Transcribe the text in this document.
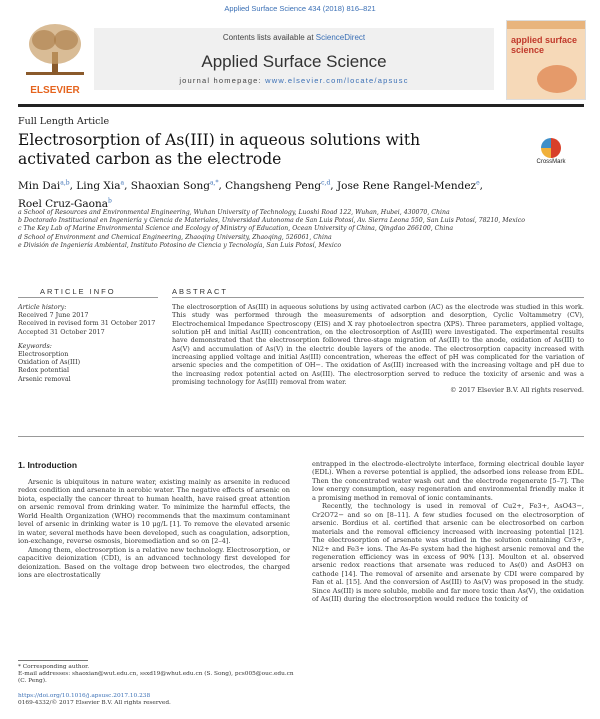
Applied Surface Science 434 (2018) 816–821
ELSEVIER
Contents lists available at ScienceDirect
Applied Surface Science
journal homepage: www.elsevier.com/locate/apsusc
applied surface science
Full Length Article
Electrosorption of As(III) in aqueous solutions with activated carbon as the electrode	CrossMark
Min Dai$^{a,b}$, Ling Xia$^a$, Shaoxian Song$^{a,*}$, Changsheng Peng$^{c,d}$, Jose Rene Rangel-Mendez$^e$,
Roel Cruz-Gaona$^b$
a School of Resources and Environmental Engineering, Wuhan University of Technology, Luoshi Road 122, Wuhan, Hubei, 430070, China
b Doctorado Institucional en Ingeniería y Ciencia de Materiales, Universidad Autonoma de San Luis Potosí, Av. Sierra Leona 550, San Luis Potosí, 78210, Mexico
c The Key Lab of Marine Environmental Science and Ecology of Ministry of Education, Ocean University of China, Qingdao 266100, China
d School of Environment and Chemical Engineering, Zhaoqing University, Zhaoqing, 526061, China
e División de Ingeniería Ambiental, Instituto Potosino de Ciencia y Tecnología, San Luis Potosí, Mexico
ARTICLE INFO	ABSTRACT
Article history:
Received 7 June 2017
Received in revised form 31 October 2017
Accepted 31 October 2017
Keywords:
Electrosorption
Oxidation of As(III)
Redox potential
Arsenic removal
The electrosorption of As(III) in aqueous solutions by using activated carbon (AC) as the electrode was studied in this work. This study was performed through the measurements of adsorption and desorption, Cyclic Voltammetry (CV), Electrochemical Impedance Spectroscopy (EIS) and X ray photoelectron spectra (XPS). Three parameters, applied voltage, solution pH and initial As(III) concentration, on the electrosorption of As(III) were investigated. The experimental results have demonstrated that the electrosorption followed three-stage migration of As(III) to the anode, oxidation of As(III) to As(V) and accumulation of As(V) in the electric double layers of the anode. The electrosorption capacity increased with increasing applied voltage and initial As(III) concentration, whereas the effect of pH was complicated for the variation of arsenic species and the competition of OH−. The oxidation of As(III) increased with the increasing voltage and pH due to the increasing redox potential acted on As(III). The electrosorption served to reduce the toxicity of arsenic and was a promising technology for As(III) removal from water.
© 2017 Elsevier B.V. All rights reserved.
1. Introduction

Arsenic is ubiquitous in nature water, existing mainly as arsenite in reduced redox condition and arsenate in aerobic water. The negative effects of arsenic on biota, especially the cancer threat to human health, have raised great attention on arsenic removal from drinking water. To minimize the harmful effects, the World Health Organization (WHO) recommends that the maximum contaminant level of arsenic in drinking water is 10 μg/L [1]. To remove the elevated arsenic in water, several methods have been developed, such as coagulation, adsorption, ion-exchange, reverse osmosis, bioremediation and so on [2–4].

Among them, electrosorption is a relative new technology. Electrosorption, or capacitive deionization (CDI), is an advanced technology first developed for deionization. Based on the voltage drop between two electrodes, the charged ions are electrostatically

entrapped in the electrode-electrolyte interface, forming electrical double layer (EDL). When a reverse potential is applied, the adsorbed ions release from EDL. Then the concentrated water wash out and the electrode regenerate [5–7]. The low energy consumption, easy regeneration and environmental friendly make it a promising method in removal of ionic contaminants.

Recently, the technology is used in removal of Cu2+, Fe3+, AsO43−, Cr2O72− and so on [8–11]. A few studies focused on the electrosorption of arsenic. Bordius et al. certified that arsenic can be electrosorbed on carbon materials and the removal efficiency increased with increasing potential [12]. The electrosorption of arsenate was studied in the solution containing Cr3+, Ni2+ and Fe3+ ions. The As-Fe system had the highest arsenic removal and the regeneration efficiency was in excess of 90% [13]. Moulton et al. observed arsenic redox reactions that arsenate was reduced to As(0) and AsOH3 on cathode [14]. The removal of arsenite and arsenate by CDI were compared by Fan et al. [15]. And the conversion of As(III) to As(V) was proposed in the study. Since As(III) is more soluble, mobile and far more toxic than As(V), the oxidation of As(III) during the electrosorption would reduce the toxicity of

* Corresponding author.
E-mail addresses: shaoxian@wut.edu.cn, ssxd19@whut.edu.cn (S. Song), pcs005@ouc.edu.cn (C. Peng).
https://doi.org/10.1016/j.apsusc.2017.10.238
0169-4332/© 2017 Elsevier B.V. All rights reserved.
